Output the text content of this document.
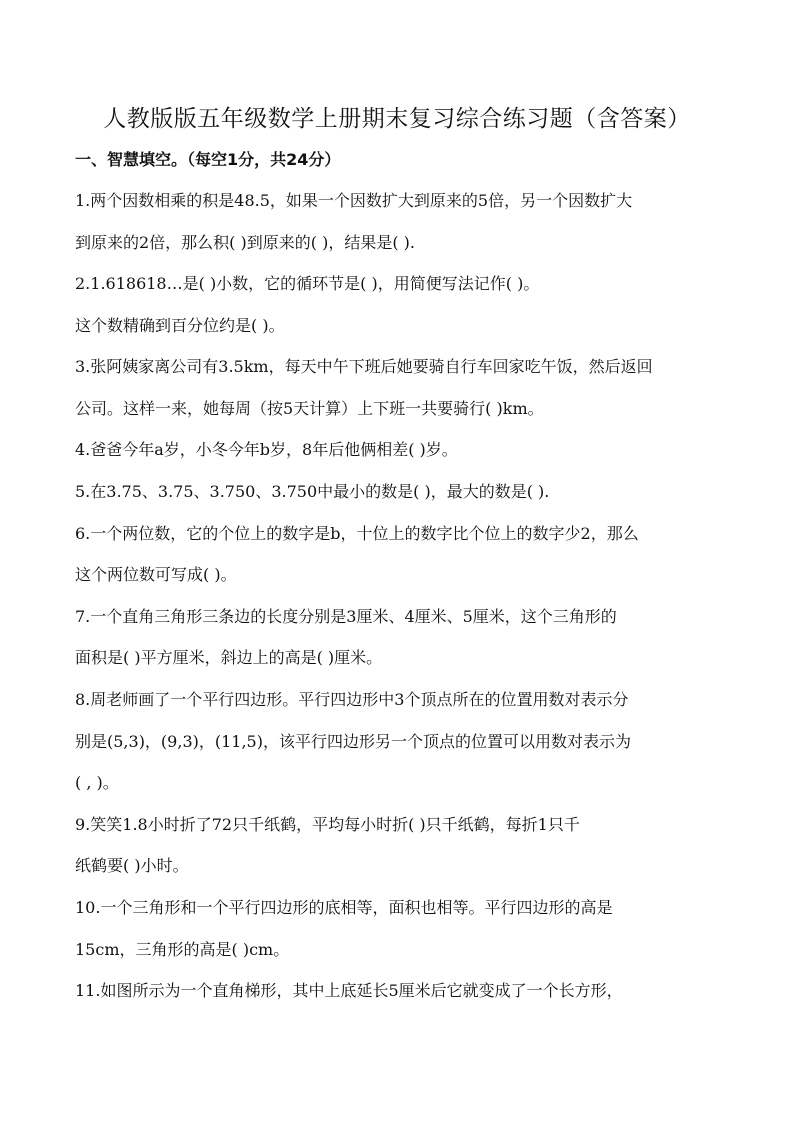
人教版版五年级数学上册期末复习综合练习题（含答案）
一、智慧填空。（每空1分，共24分）
1.两个因数相乘的积是48.5，如果一个因数扩大到原来的5倍，另一个因数扩大
到原来的2倍，那么积( )到原来的( )，结果是( ).
2.1.618618…是( )小数，它的循环节是( )，用简便写法记作( )。
这个数精确到百分位约是( )。
3.张阿姨家离公司有3.5km，每天中午下班后她要骑自行车回家吃午饭，然后返回
公司。这样一来，她每周（按5天计算）上下班一共要骑行( )km。
4.爸爸今年a岁，小冬今年b岁，8年后他俩相差( )岁。
5.在3.75、3.75、3.750、3.750中最小的数是( )，最大的数是( ).
6.一个两位数，它的个位上的数字是b，十位上的数字比个位上的数字少2，那么
这个两位数可写成( )。
7.一个直角三角形三条边的长度分别是3厘米、4厘米、5厘米，这个三角形的
面积是( )平方厘米，斜边上的高是( )厘米。
8.周老师画了一个平行四边形。平行四边形中3个顶点所在的位置用数对表示分
别是(5,3)，(9,3)，(11,5)，该平行四边形另一个顶点的位置可以用数对表示为
( , )。
9.笑笑1.8小时折了72只千纸鹤，平均每小时折( )只千纸鹤，每折1只千
纸鹤要( )小时。
10.一个三角形和一个平行四边形的底相等，面积也相等。平行四边形的高是
15cm，三角形的高是( )cm。
11.如图所示为一个直角梯形，其中上底延长5厘米后它就变成了一个长方形，
